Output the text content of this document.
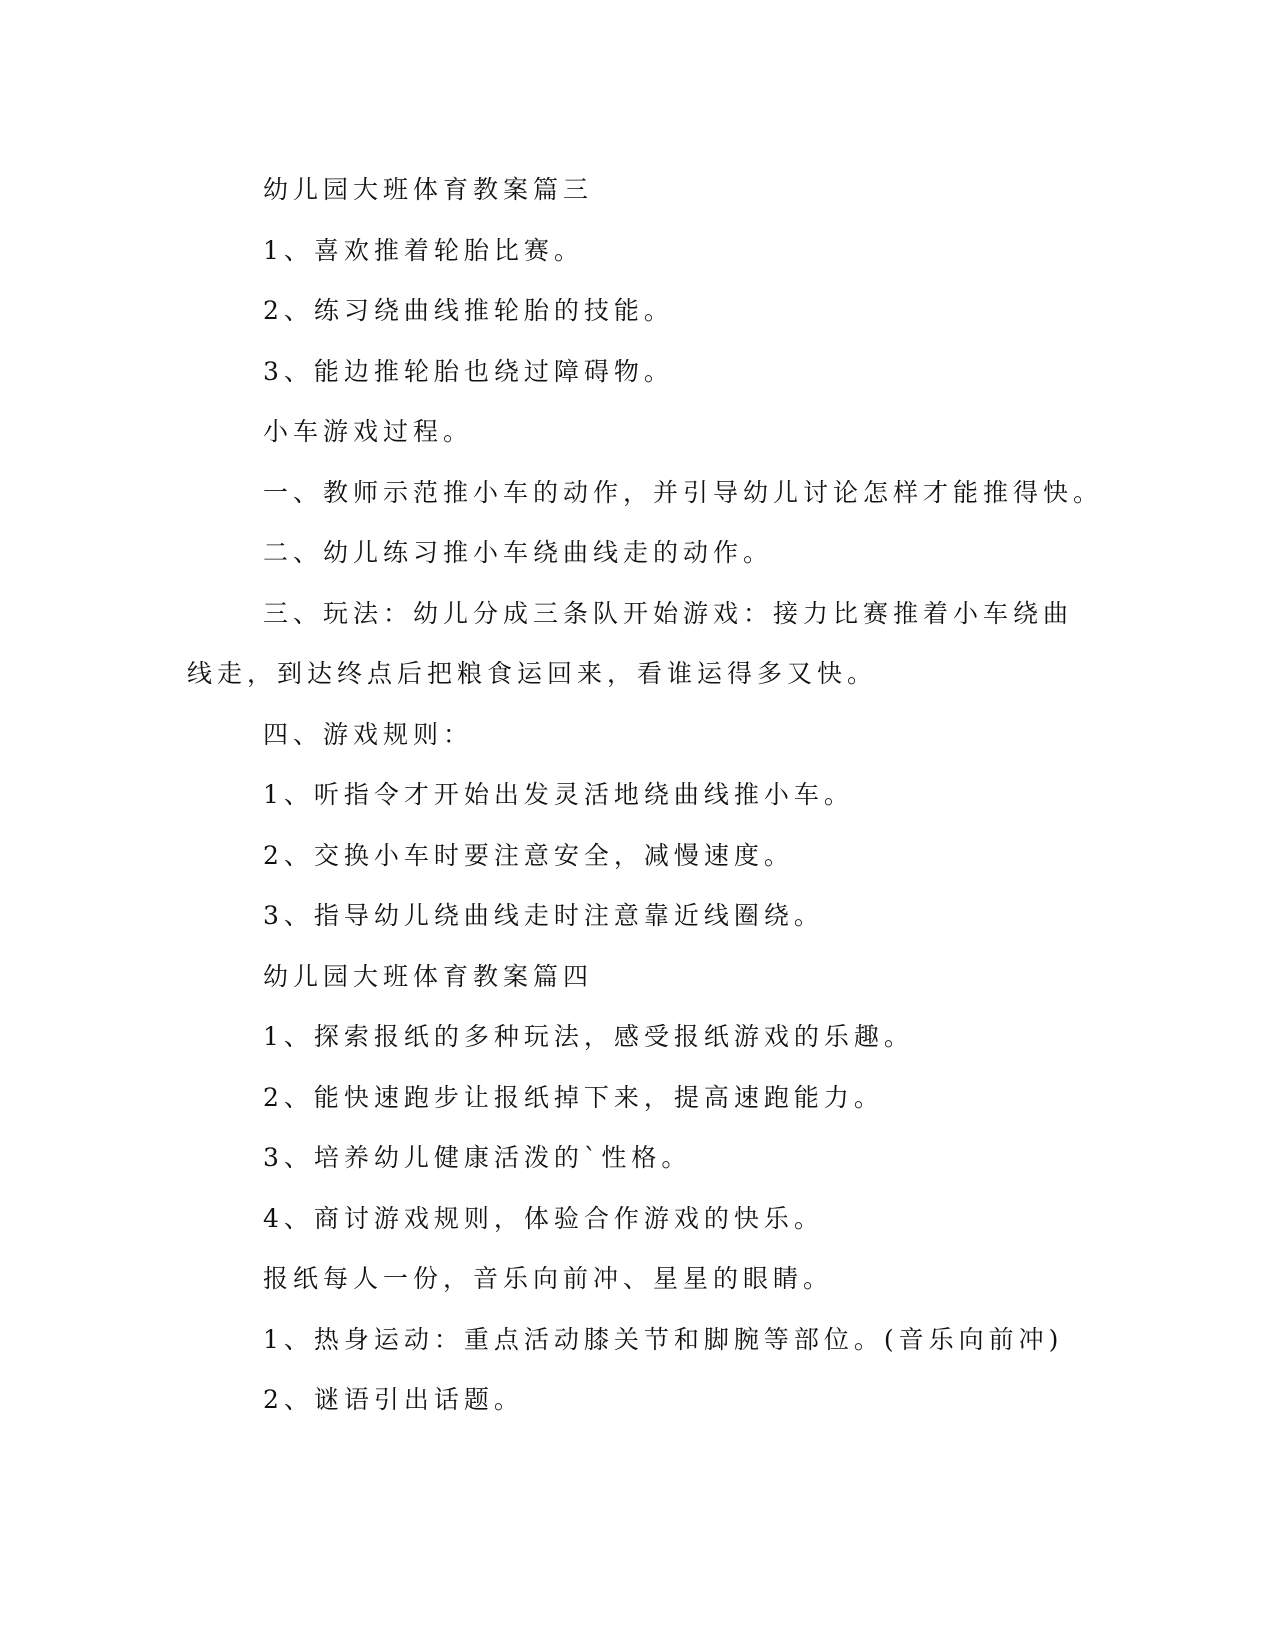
幼儿园大班体育教案篇三

1、喜欢推着轮胎比赛。

2、练习绕曲线推轮胎的技能。

3、能边推轮胎也绕过障碍物。

小车游戏过程。

一、教师示范推小车的动作，并引导幼儿讨论怎样才能推得快。

二、幼儿练习推小车绕曲线走的动作。

三、玩法：幼儿分成三条队开始游戏：接力比赛推着小车绕曲线走，到达终点后把粮食运回来，看谁运得多又快。

四、游戏规则：

1、听指令才开始出发灵活地绕曲线推小车。

2、交换小车时要注意安全，减慢速度。

3、指导幼儿绕曲线走时注意靠近线圈绕。

幼儿园大班体育教案篇四

1、探索报纸的多种玩法，感受报纸游戏的乐趣。

2、能快速跑步让报纸掉下来，提高速跑能力。

3、培养幼儿健康活泼的`性格。

4、商讨游戏规则，体验合作游戏的快乐。

报纸每人一份，音乐向前冲、星星的眼睛。

1、热身运动：重点活动膝关节和脚腕等部位。(音乐向前冲)

2、谜语引出话题。
